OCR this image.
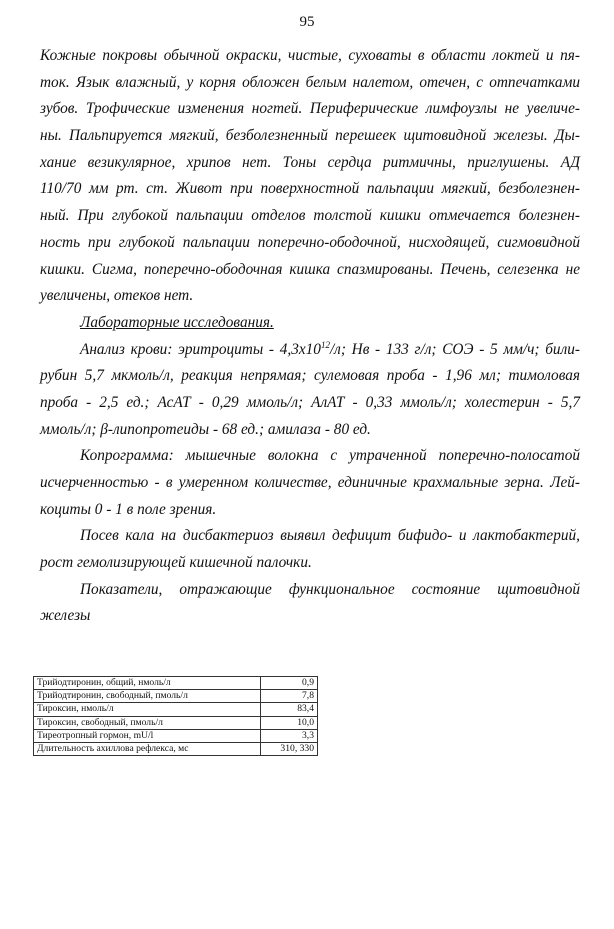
95
Кожные покровы обычной окраски, чистые, суховаты в области локтей и пя-
ток. Язык влажный, у корня обложен белым налетом, отечен, с отпечатками
зубов. Трофические изменения ногтей. Периферические лимфоузлы не увеличе-
ны. Пальпируется мягкий, безболезненный перешеек щитовидной железы. Ды-
хание везикулярное, хрипов нет. Тоны сердца ритмичны, приглушены. АД
110/70 мм рт. ст. Живот при поверхностной пальпации мягкий, безболезнен-
ный. При глубокой пальпации отделов толстой кишки отмечается болезнен-
ность при глубокой пальпации поперечно-ободочной, нисходящей, сигмовидной
кишки. Сигма, поперечно-ободочная кишка спазмированы. Печень, селезенка не
увеличены, отеков нет.
Лабораторные исследования.
Анализ крови: эритроциты - $4,3х10^{12}/л$; Нв - 133 г/л; СОЭ - 5 мм/ч; били-
рубин 5,7 мкмоль/л, реакция непрямая; сулемовая проба - 1,96 мл; тимоловая
проба - 2,5 ед.; АсАТ - 0,29 ммоль/л; АлАТ - 0,33 ммоль/л; холестерин - 5,7
ммоль/л; β-липопротеиды - 68 ед.; амилаза - 80 ед.
Копрограмма: мышечные волокна с утраченной поперечно-полосатой
исчерченностью - в умеренном количестве, единичные крахмальные зерна. Лей-
коциты 0 - 1 в поле зрения.
Посев кала на дисбактериоз выявил дефицит бифидо- и лактобактерий,
рост гемолизирующей кишечной палочки.
Показатели, отражающие функциональное состояние щитовидной
железы
Трийодтиронин, общий, нмоль/л	0,9
Трийодтиронин, свободный, пмоль/л	7,8
Тироксин, нмоль/л	83,4
Тироксин, свободный, пмоль/л	10,0
Тиреотропный гормон, mU/l	3,3
Длительность ахиллова рефлекса, мс	310, 330
